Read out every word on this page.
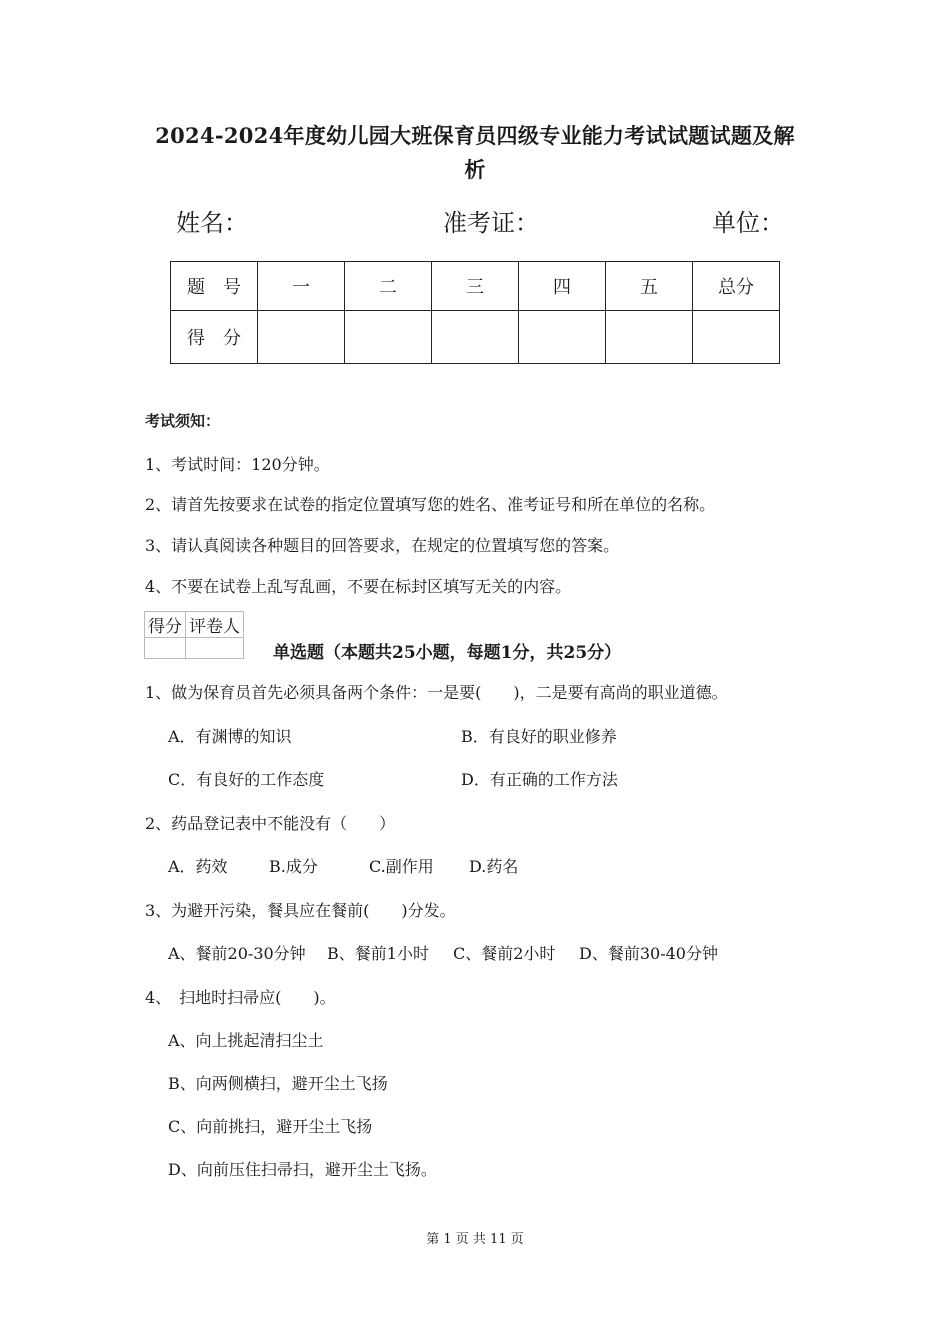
2024-2024年度幼儿园大班保育员四级专业能力考试试题试题及解
析
姓名：	准考证：	单位：
题　号	一	二	三	四	五	总分
得　分						
考试须知：
1、考试时间：120分钟。
2、请首先按要求在试卷的指定位置填写您的姓名、准考证号和所在单位的名称。
3、请认真阅读各种题目的回答要求，在规定的位置填写您的答案。
4、不要在试卷上乱写乱画，不要在标封区填写无关的内容。
得分	评卷人

单选题（本题共25小题，每题1分，共25分）
1、做为保育员首先必须具备两个条件：一是要(　　)，二是要有高尚的职业道德。
A．有渊博的知识	B．有良好的职业修养
C．有良好的工作态度	D．有正确的工作方法
2、药品登记表中不能没有（　　）
A．药效	B.成分	C.副作用 D.药名
3、为避开污染，餐具应在餐前(　　)分发。
A、餐前20-30分钟 B、餐前1小时 C、餐前2小时 D、餐前30-40分钟
4、　扫地时扫帚应(　　)。
A、向上挑起清扫尘土
B、向两侧横扫，避开尘土飞扬
C、向前挑扫，避开尘土飞扬
D、向前压住扫帚扫，避开尘土飞扬。
第 1 页 共 11 页
